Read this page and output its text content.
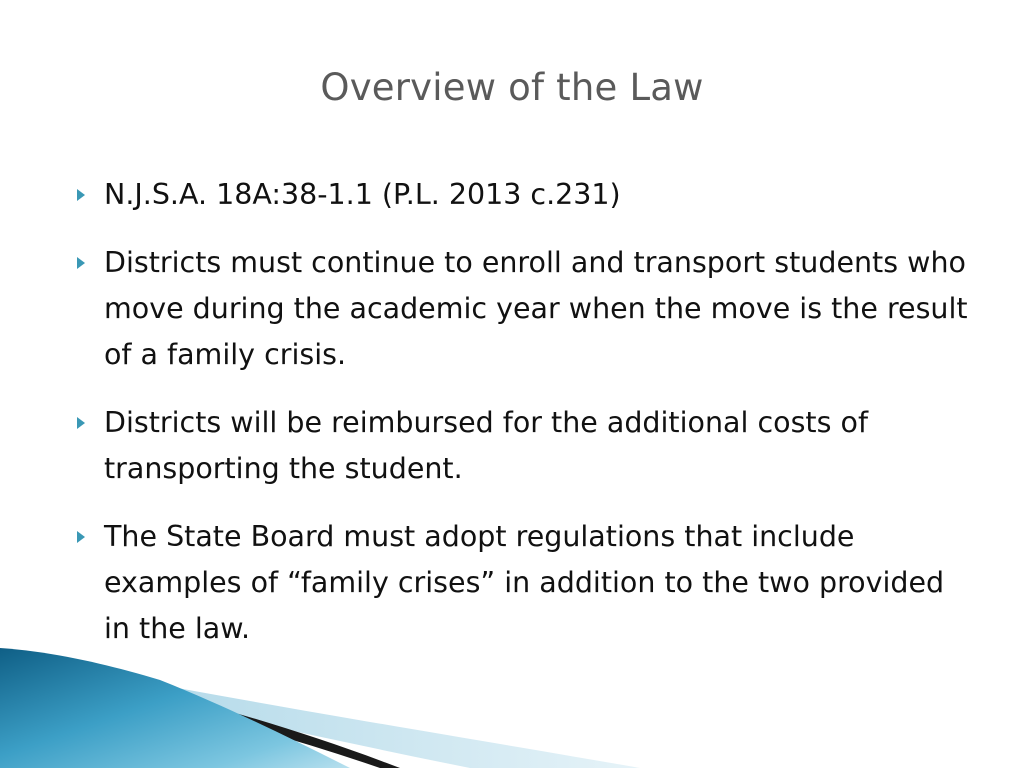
Overview of the Law
N.J.S.A. 18A:38-1.1 (P.L. 2013 c.231)
Districts must continue to enroll and transport students who move during the academic year when the move is the result of a family crisis.
Districts will be reimbursed for the additional costs of transporting the student.
The State Board must adopt regulations that include examples of “family crises” in addition to the two provided in the law.
